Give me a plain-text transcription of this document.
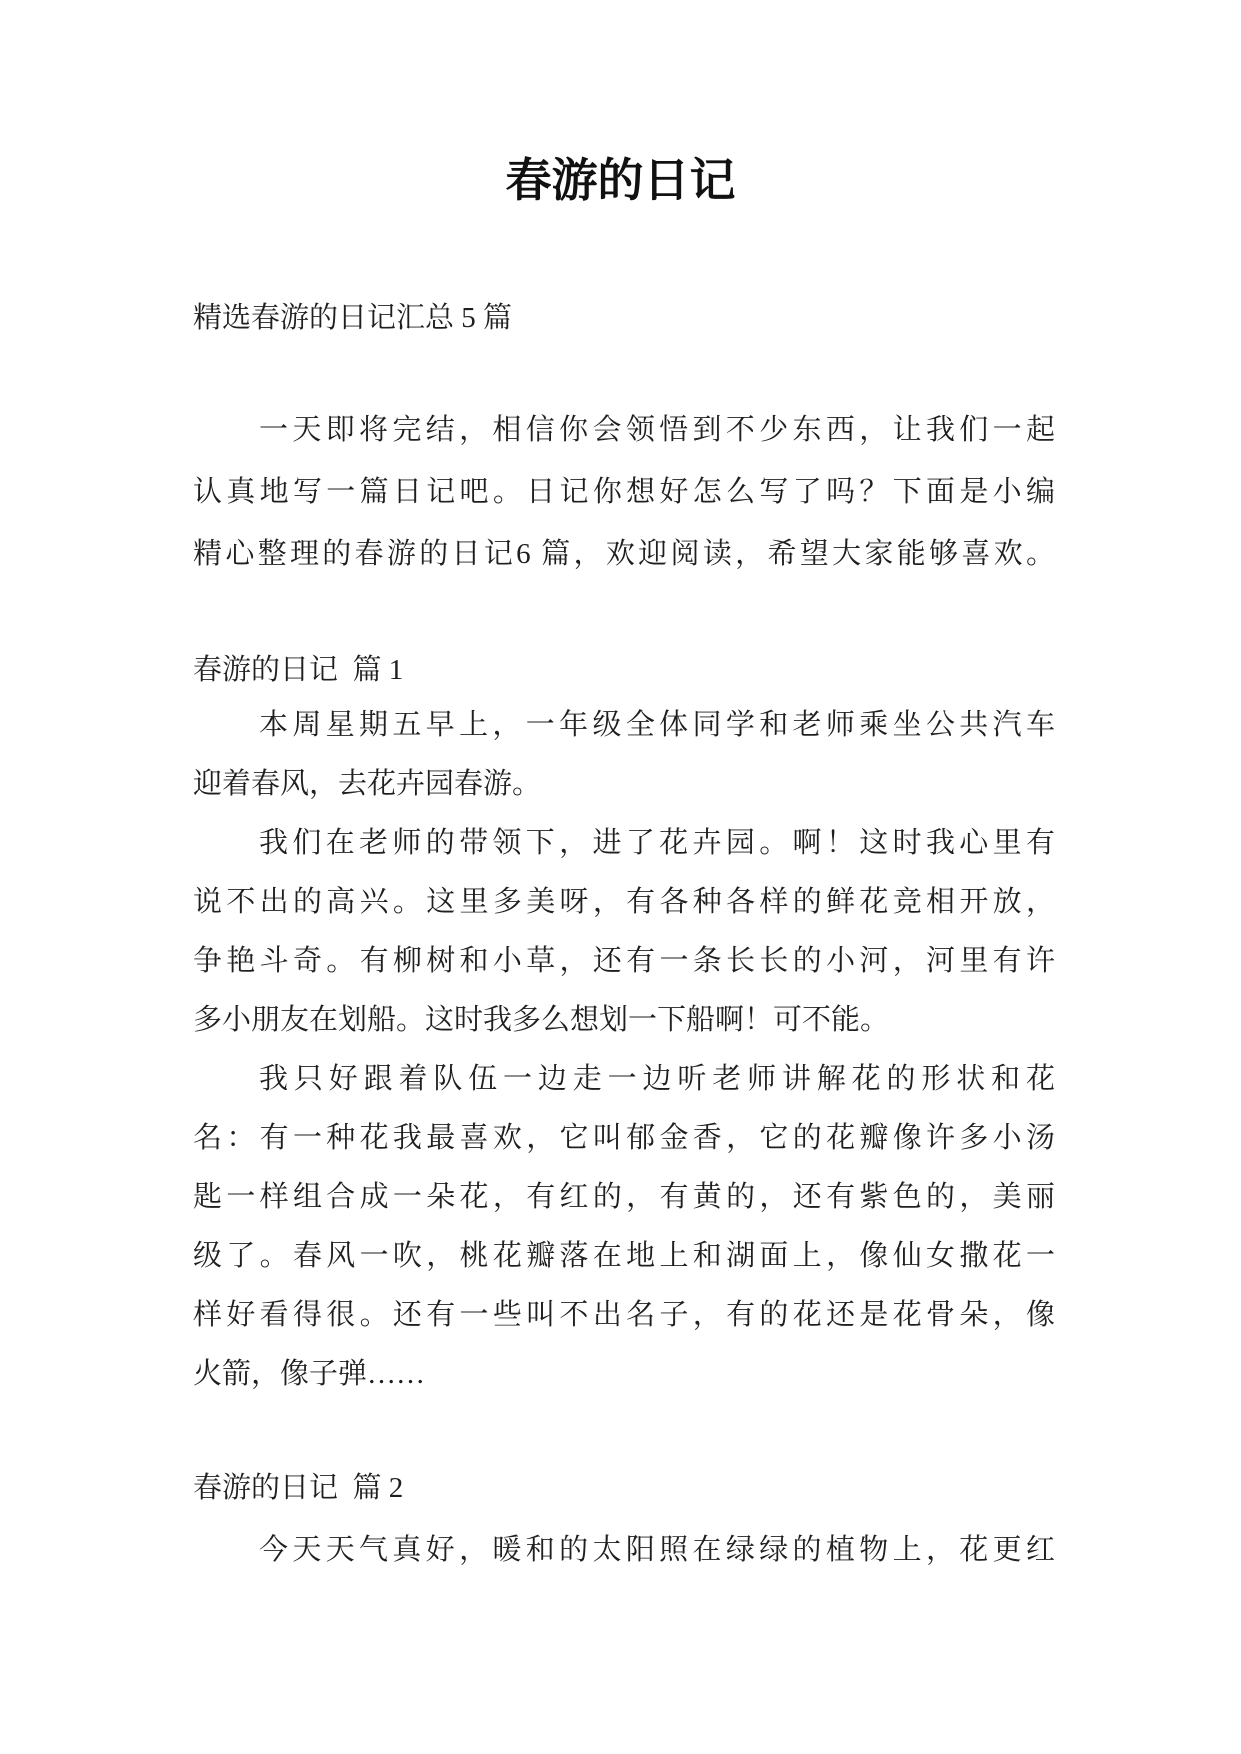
春游的日记
精选春游的日记汇总 5 篇
一天即将完结，相信你会领悟到不少东西，让我们一起
认真地写一篇日记吧。日记你想好怎么写了吗？下面是小编
精心整理的春游的日记6 篇，欢迎阅读，希望大家能够喜欢。
春游的日记  篇 1
本周星期五早上，一年级全体同学和老师乘坐公共汽车
迎着春风，去花卉园春游。
我们在老师的带领下，进了花卉园。啊！这时我心里有
说不出的高兴。这里多美呀，有各种各样的鲜花竞相开放，
争艳斗奇。有柳树和小草，还有一条长长的小河，河里有许
多小朋友在划船。这时我多么想划一下船啊！可不能。
我只好跟着队伍一边走一边听老师讲解花的形状和花
名：有一种花我最喜欢，它叫郁金香，它的花瓣像许多小汤
匙一样组合成一朵花，有红的，有黄的，还有紫色的，美丽
级了。春风一吹，桃花瓣落在地上和湖面上，像仙女撒花一
样好看得很。还有一些叫不出名子，有的花还是花骨朵，像
火箭，像子弹……
春游的日记  篇 2
今天天气真好，暖和的太阳照在绿绿的植物上，花更红
